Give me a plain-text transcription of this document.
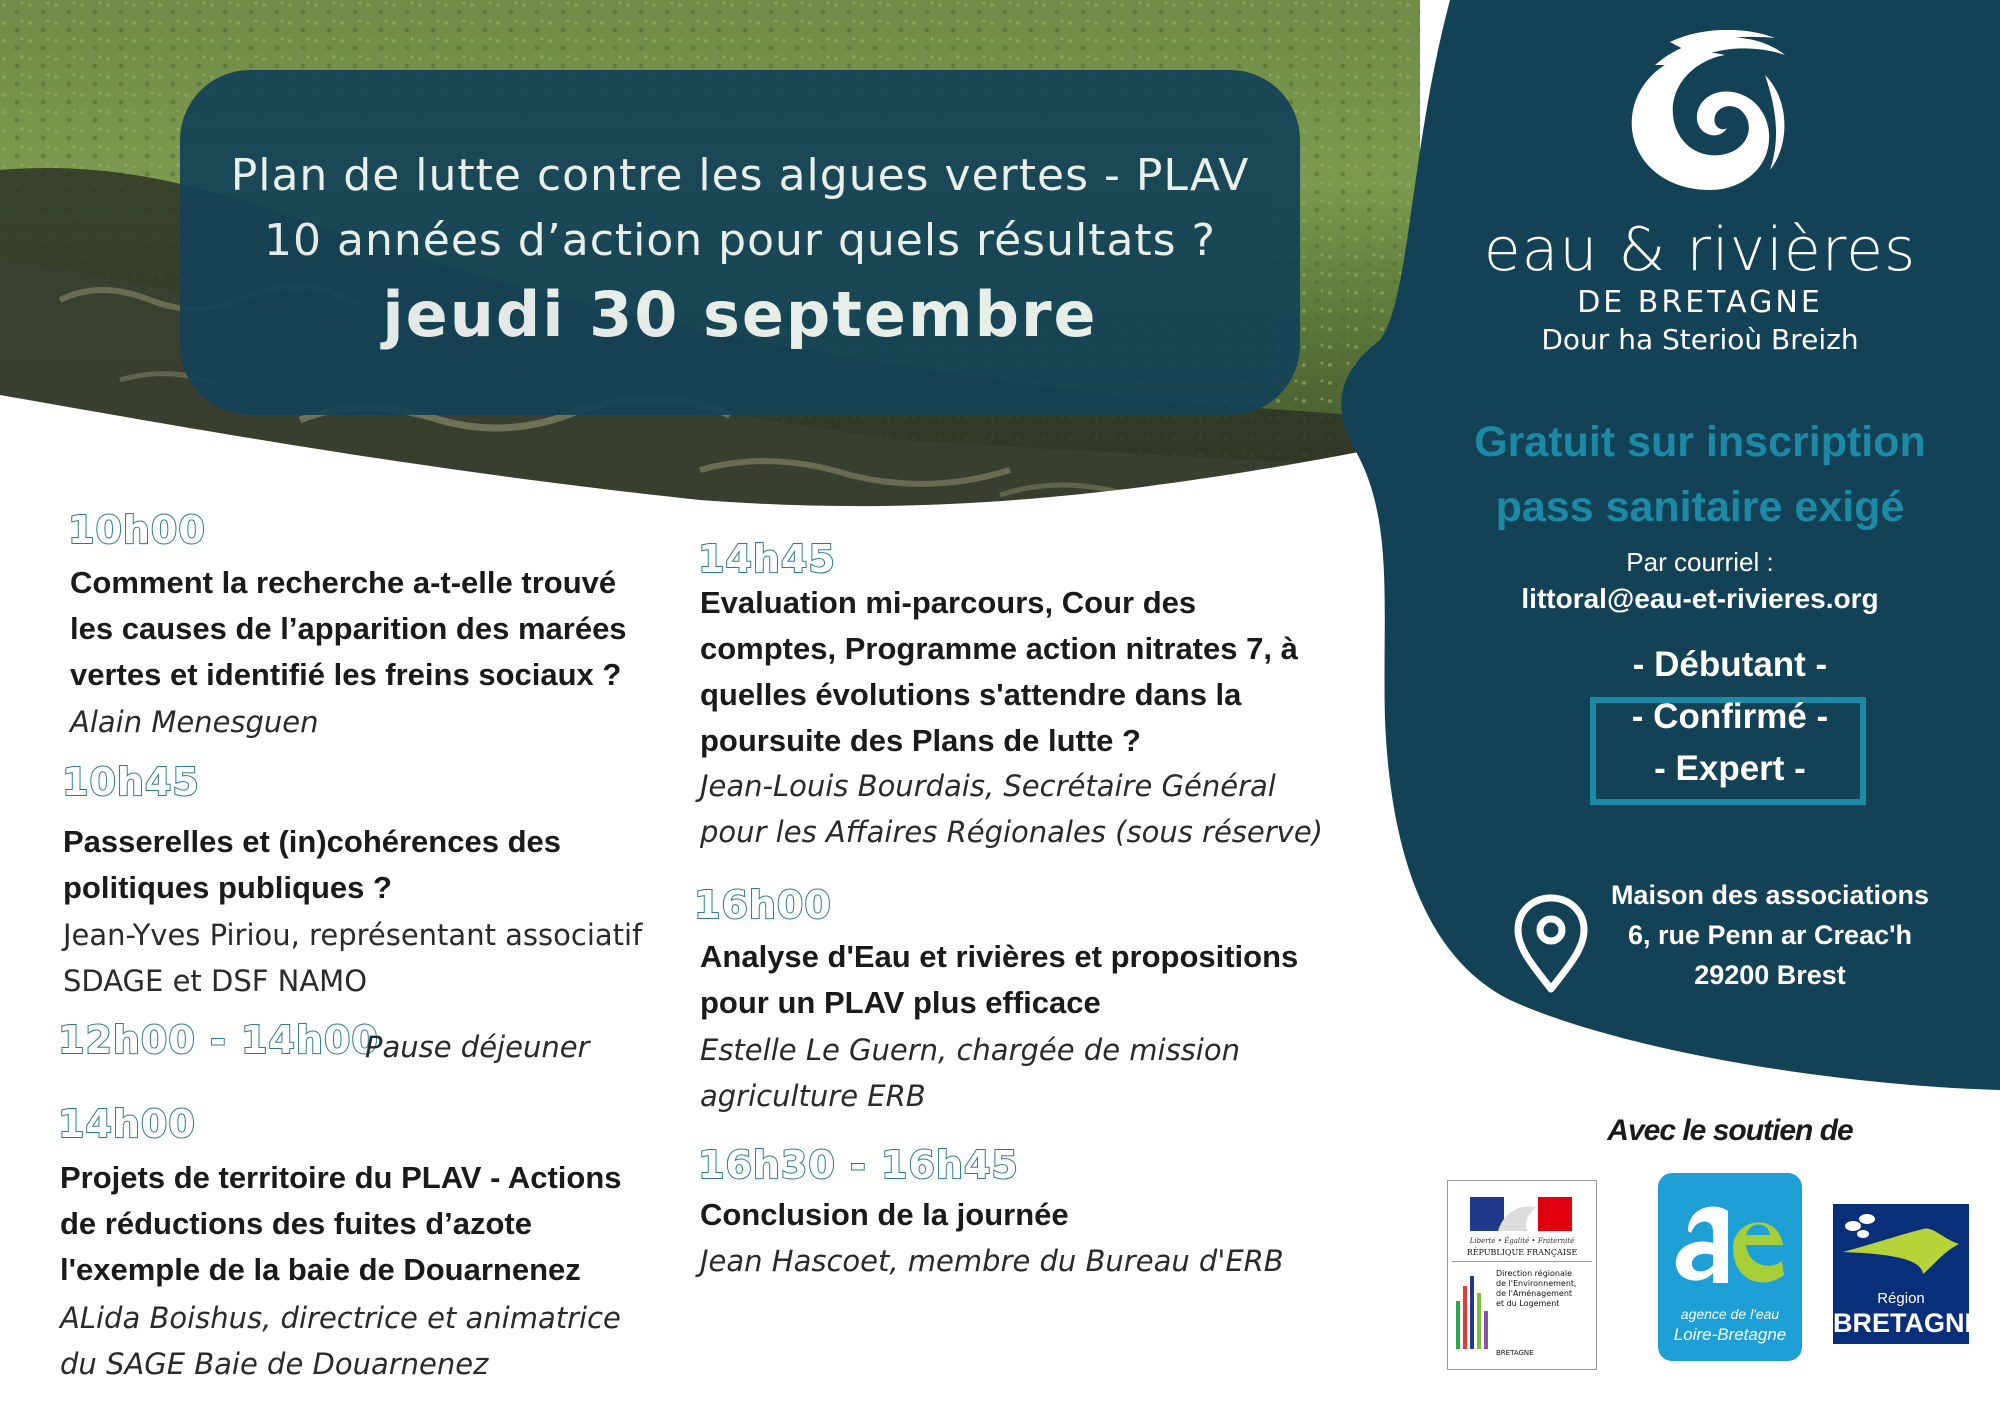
Plan de lutte contre les algues vertes - PLAV
10 années d’action pour quels résultats ?
jeudi 30 septembre
eau & rivières
DE BRETAGNE
Dour ha Sterioù Breizh
Gratuit sur inscription
pass sanitaire exigé
Par courriel :
littoral@eau-et-rivieres.org
- Débutant -
- Confirmé -
- Expert -
Maison des associations
6, rue Penn ar Creac'h
29200 Brest
Avec le soutien de
Liberté • Égalité • Fraternité
RÉPUBLIQUE FRANÇAISE
Direction régionale
de l'Environnement,
de l'Aménagement
et du Logement
BRETAGNE
agence de l'eau
Loire-Bretagne
Région
BRETAGNE
10h00
Comment la recherche a-t-elle trouvé
les causes de l’apparition des marées
vertes et identifié les freins sociaux ?
Alain Menesguen
10h45
Passerelles et (in)cohérences des
politiques publiques ?
Jean-Yves Piriou, représentant associatif
SDAGE et DSF NAMO
12h00 - 14h00
Pause déjeuner
14h00
Projets de territoire du PLAV - Actions
de réductions des fuites d’azote
l'exemple de la baie de Douarnenez
ALida Boishus, directrice et animatrice
du SAGE Baie de Douarnenez
14h45
Evaluation mi-parcours, Cour des
comptes, Programme action nitrates 7, à
quelles évolutions s'attendre dans la
poursuite des Plans de lutte ?
Jean-Louis Bourdais, Secrétaire Général
pour les Affaires Régionales (sous réserve)
16h00
Analyse d'Eau et rivières et propositions
pour un PLAV plus efficace
Estelle Le Guern, chargée de mission
agriculture ERB
16h30 - 16h45
Conclusion de la journée
Jean Hascoet, membre du Bureau d'ERB
